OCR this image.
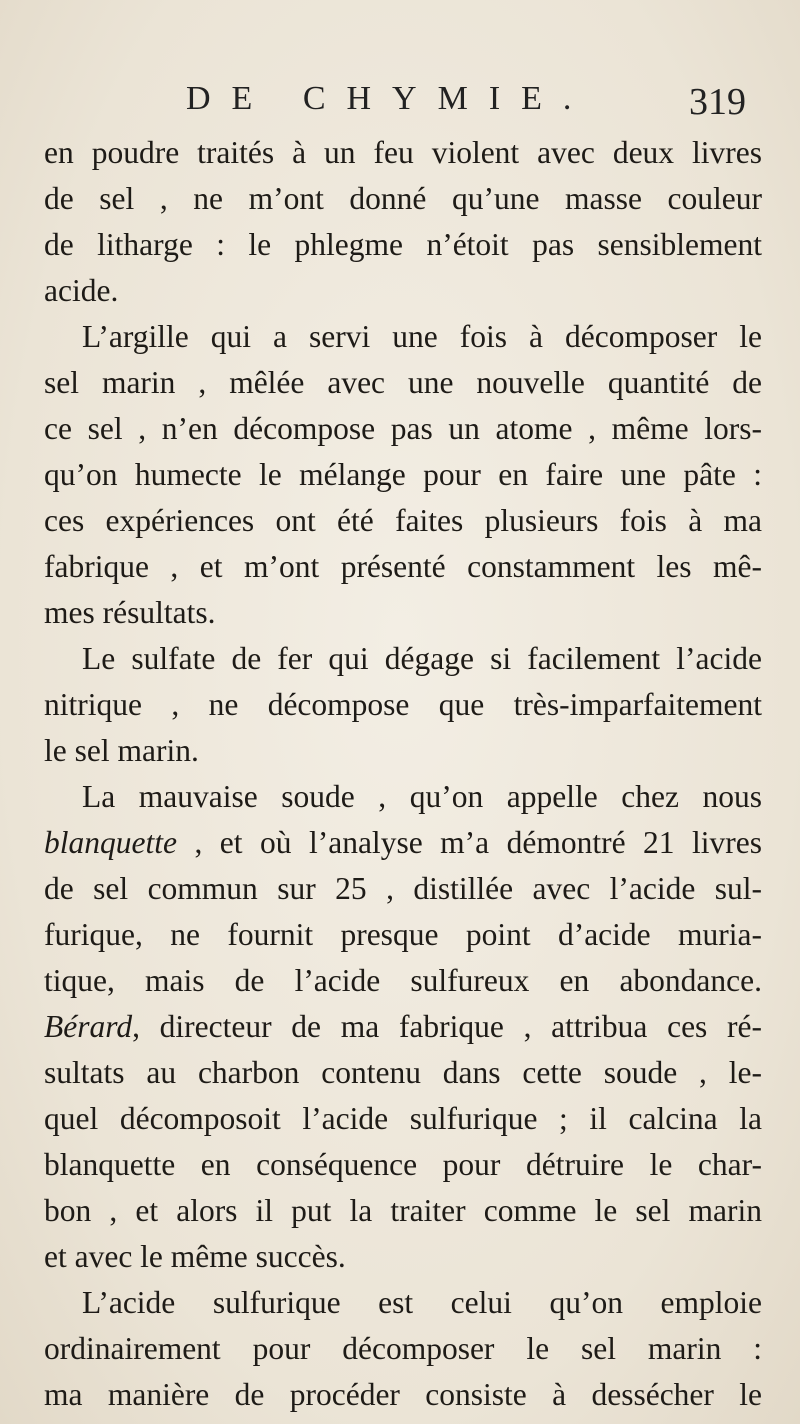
DE CHYMIE.	319
en poudre traités à un feu violent avec deux livres
de sel , ne m’ont donné qu’une masse couleur
de litharge : le phlegme n’étoit pas sensiblement
acide.
L’argille qui a servi une fois à décomposer le
sel marin , mêlée avec une nouvelle quantité de
ce sel , n’en décompose pas un atome , même lors-
qu’on humecte le mélange pour en faire une pâte :
ces expériences ont été faites plusieurs fois à ma
fabrique , et m’ont présenté constamment les mê-
mes résultats.
Le sulfate de fer qui dégage si facilement l’acide
nitrique , ne décompose que très-imparfaitement
le sel marin.
La mauvaise soude , qu’on appelle chez nous
blanquette , et où l’analyse m’a démontré 21 livres
de sel commun sur 25 , distillée avec l’acide sul-
furique, ne fournit presque point d’acide muria-
tique, mais de l’acide sulfureux en abondance.
Bérard, directeur de ma fabrique , attribua ces ré-
sultats au charbon contenu dans cette soude , le-
quel décomposoit l’acide sulfurique ; il calcina la
blanquette en conséquence pour détruire le char-
bon , et alors il put la traiter comme le sel marin
et avec le même succès.
L’acide sulfurique est celui qu’on emploie
ordinairement pour décomposer le sel marin :
ma manière de procéder consiste à dessécher le
